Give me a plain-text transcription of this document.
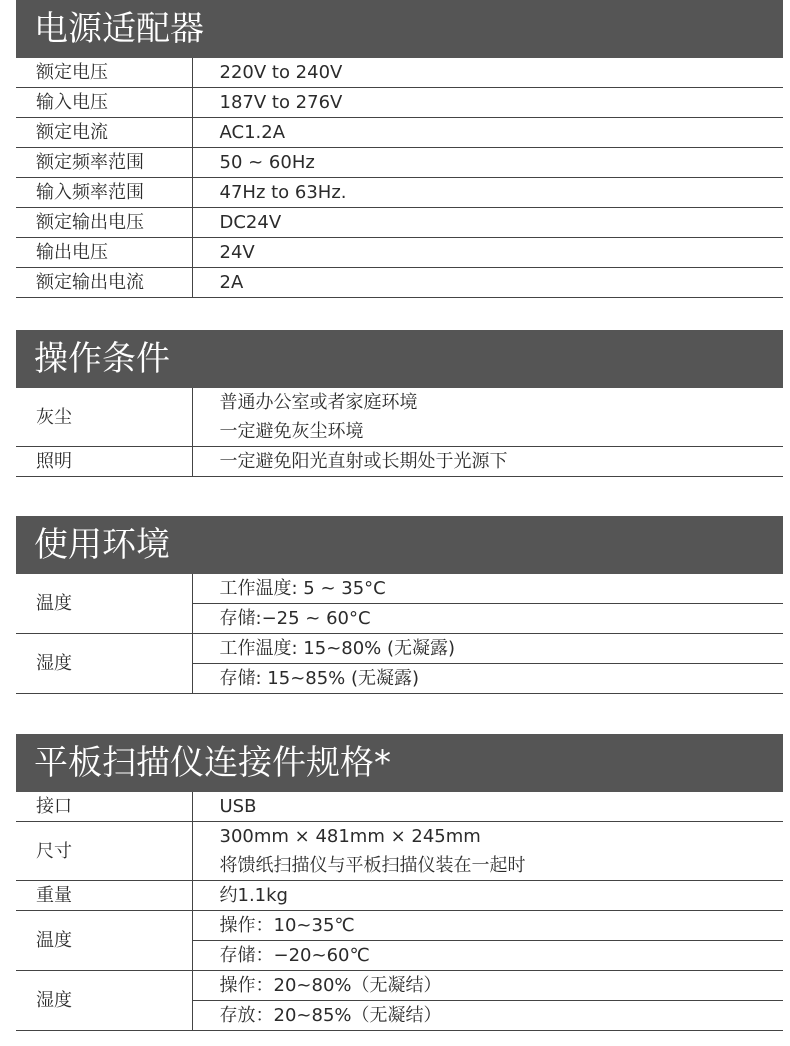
电源适配器
额定电压	220V to 240V
输入电压	187V to 276V
额定电流	AC1.2A
额定频率范围	50 ~ 60Hz
输入频率范围	47Hz to 63Hz.
额定输出电压	DC24V
输出电压	24V
额定输出电流	2A
操作条件
灰尘	普通办公室或者家庭环境
一定避免灰尘环境

照明	一定避免阳光直射或长期处于光源下
使用环境
温度	工作温度: 5 ~ 35°C
	存储:−25 ~ 60°C
湿度	工作温度: 15~80% (无凝露)
	存储: 15~85% (无凝露)
平板扫描仪连接件规格*
接口	USB
尺寸	300mm × 481mm × 245mm
将馈纸扫描仪与平板扫描仪装在一起时

重量	约1.1kg
温度	操作：10~35℃
	存储：−20~60℃
湿度	操作：20~80%（无凝结）
	存放：20~85%（无凝结）
